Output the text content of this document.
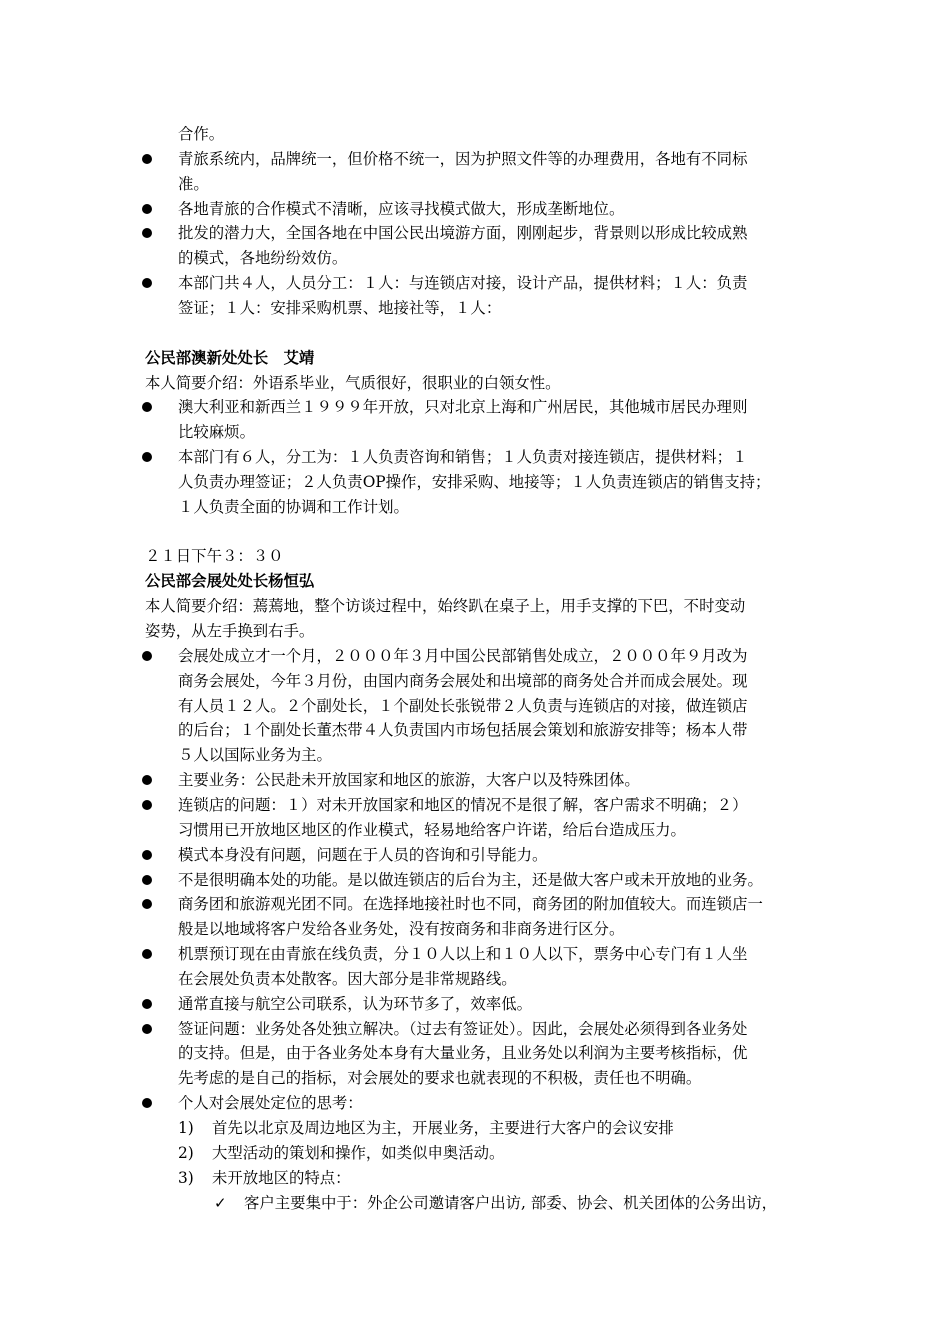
合作。
青旅系统内，品牌统一，但价格不统一，因为护照文件等的办理费用，各地有不同标
准。
各地青旅的合作模式不清晰，应该寻找模式做大，形成垄断地位。
批发的潜力大，全国各地在中国公民出境游方面，刚刚起步，背景则以形成比较成熟
的模式，各地纷纷效仿。
本部门共４人，人员分工：１人：与连锁店对接，设计产品，提供材料；１人：负责
签证；１人：安排采购机票、地接社等，１人：
公民部澳新处处长　艾靖
本人简要介绍：外语系毕业，气质很好，很职业的白领女性。
澳大利亚和新西兰１９９９年开放，只对北京上海和广州居民，其他城市居民办理则
比较麻烦。
本部门有６人，分工为：１人负责咨询和销售；１人负责对接连锁店，提供材料；１
人负责办理签证；２人负责OP操作，安排采购、地接等；１人负责连锁店的销售支持；
１人负责全面的协调和工作计划。
２１日下午３：３０
公民部会展处处长杨恒弘
本人简要介绍：蔫蔫地，整个访谈过程中，始终趴在桌子上，用手支撑的下巴，不时变动
姿势，从左手换到右手。
会展处成立才一个月，２０００年３月中国公民部销售处成立，２０００年９月改为
商务会展处，今年３月份，由国内商务会展处和出境部的商务处合并而成会展处。现
有人员１２人。２个副处长，１个副处长张锐带２人负责与连锁店的对接，做连锁店
的后台；１个副处长董杰带４人负责国内市场包括展会策划和旅游安排等；杨本人带
５人以国际业务为主。
主要业务：公民赴未开放国家和地区的旅游，大客户以及特殊团体。
连锁店的问题：１）对未开放国家和地区的情况不是很了解，客户需求不明确；２）
习惯用已开放地区地区的作业模式，轻易地给客户许诺，给后台造成压力。
模式本身没有问题，问题在于人员的咨询和引导能力。
不是很明确本处的功能。是以做连锁店的后台为主，还是做大客户或未开放地的业务。
商务团和旅游观光团不同。在选择地接社时也不同，商务团的附加值较大。而连锁店一
般是以地域将客户发给各业务处，没有按商务和非商务进行区分。
机票预订现在由青旅在线负责，分１０人以上和１０人以下，票务中心专门有１人坐
在会展处负责本处散客。因大部分是非常规路线。
通常直接与航空公司联系，认为环节多了，效率低。
签证问题：业务处各处独立解决。（过去有签证处）。因此，会展处必须得到各业务处
的支持。但是，由于各业务处本身有大量业务，且业务处以利润为主要考核指标，优
先考虑的是自己的指标，对会展处的要求也就表现的不积极，责任也不明确。
个人对会展处定位的思考：
1) 首先以北京及周边地区为主，开展业务，主要进行大客户的会议安排
2) 大型活动的策划和操作，如类似申奥活动。
3) 未开放地区的特点：
✓ 客户主要集中于：外企公司邀请客户出访, 部委、协会、机关团体的公务出访，
